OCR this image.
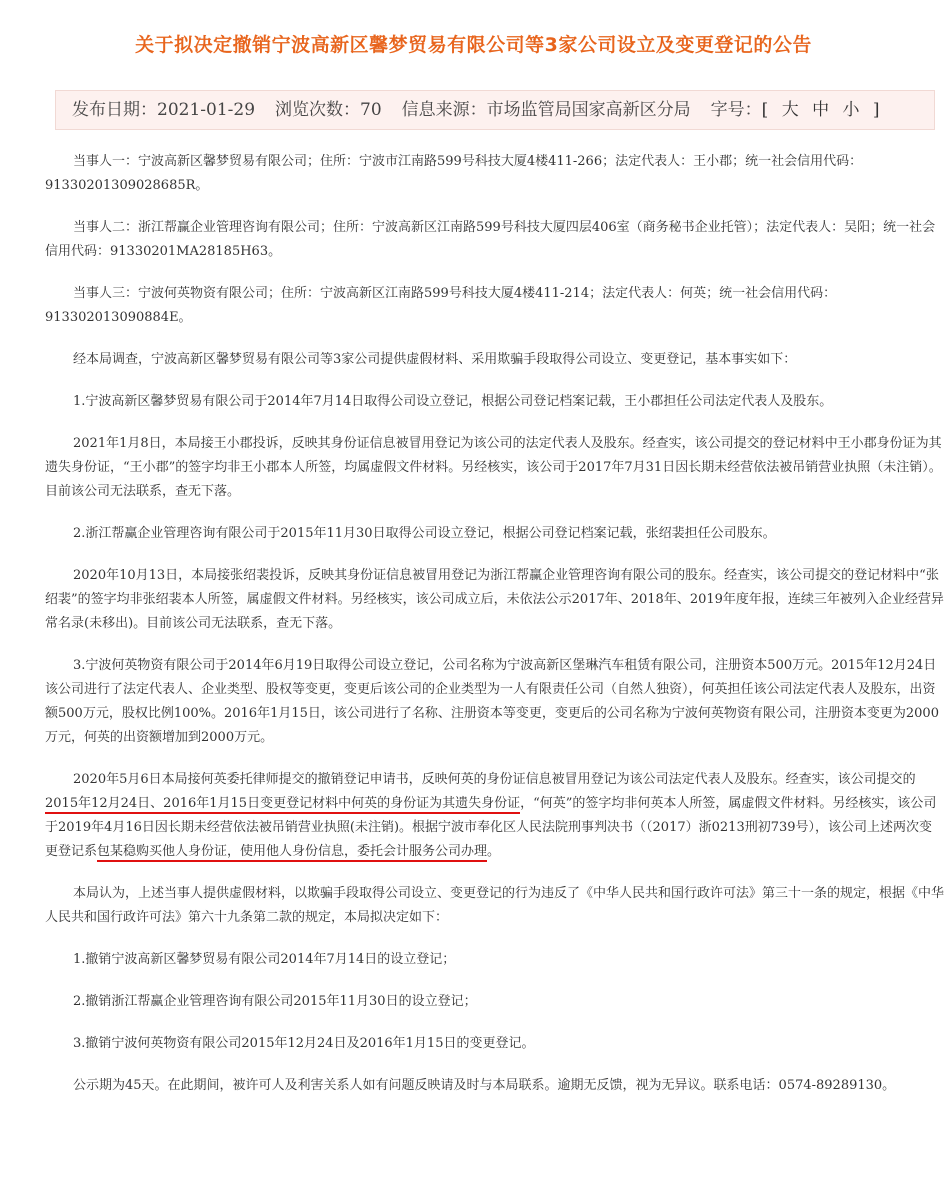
关于拟决定撤销宁波高新区馨梦贸易有限公司等3家公司设立及变更登记的公告
发布日期：2021-01-29 浏览次数：70 信息来源：市场监管局国家高新区分局 字号：[ 大 中 小 ]

当事人一：宁波高新区馨梦贸易有限公司；住所：宁波市江南路599号科技大厦4楼411-266；法定代表人：王小郡；统一社会信用代码：91330201309028685R。

当事人二：浙江帮赢企业管理咨询有限公司；住所：宁波高新区江南路599号科技大厦四层406室（商务秘书企业托管）；法定代表人：吴阳；统一社会信用代码：91330201MA28185H63。

当事人三：宁波何英物资有限公司；住所：宁波高新区江南路599号科技大厦4楼411-214；法定代表人：何英；统一社会信用代码：913302013090884E。

经本局调查，宁波高新区馨梦贸易有限公司等3家公司提供虚假材料、采用欺骗手段取得公司设立、变更登记，基本事实如下：

1.宁波高新区馨梦贸易有限公司于2014年7月14日取得公司设立登记，根据公司登记档案记载，王小郡担任公司法定代表人及股东。

2021年1月8日，本局接王小郡投诉，反映其身份证信息被冒用登记为该公司的法定代表人及股东。经查实，该公司提交的登记材料中王小郡身份证为其遗失身份证，“王小郡”的签字均非王小郡本人所签，均属虚假文件材料。另经核实，该公司于2017年7月31日因长期未经营依法被吊销营业执照（未注销）。目前该公司无法联系，查无下落。

2.浙江帮赢企业管理咨询有限公司于2015年11月30日取得公司设立登记，根据公司登记档案记载，张绍裴担任公司股东。

2020年10月13日，本局接张绍裴投诉，反映其身份证信息被冒用登记为浙江帮赢企业管理咨询有限公司的股东。经查实，该公司提交的登记材料中“张绍裴”的签字均非张绍裴本人所签，属虚假文件材料。另经核实，该公司成立后，未依法公示2017年、2018年、2019年度年报，连续三年被列入企业经营异常名录(未移出)。目前该公司无法联系，查无下落。

3.宁波何英物资有限公司于2014年6月19日取得公司设立登记，公司名称为宁波高新区堡琳汽车租赁有限公司，注册资本500万元。2015年12月24日该公司进行了法定代表人、企业类型、股权等变更，变更后该公司的企业类型为一人有限责任公司（自然人独资），何英担任该公司法定代表人及股东，出资额500万元，股权比例100%。2016年1月15日，该公司进行了名称、注册资本等变更，变更后的公司名称为宁波何英物资有限公司，注册资本变更为2000万元，何英的出资额增加到2000万元。

2020年5月6日本局接何英委托律师提交的撤销登记申请书，反映何英的身份证信息被冒用登记为该公司法定代表人及股东。经查实，该公司提交的2015年12月24日、2016年1月15日变更登记材料中何英的身份证为其遗失身份证，“何英”的签字均非何英本人所签，属虚假文件材料。另经核实，该公司于2019年4月16日因长期未经营依法被吊销营业执照(未注销)。根据宁波市奉化区人民法院刑事判决书（（2017）浙0213刑初739号），该公司上述两次变更登记系包某稳购买他人身份证，使用他人身份信息，委托会计服务公司办理。

本局认为，上述当事人提供虚假材料，以欺骗手段取得公司设立、变更登记的行为违反了《中华人民共和国行政许可法》第三十一条的规定，根据《中华人民共和国行政许可法》第六十九条第二款的规定，本局拟决定如下：

1.撤销宁波高新区馨梦贸易有限公司2014年7月14日的设立登记；

2.撤销浙江帮赢企业管理咨询有限公司2015年11月30日的设立登记；

3.撤销宁波何英物资有限公司2015年12月24日及2016年1月15日的变更登记。

公示期为45天。在此期间，被许可人及利害关系人如有问题反映请及时与本局联系。逾期无反馈，视为无异议。联系电话：0574-89289130。
